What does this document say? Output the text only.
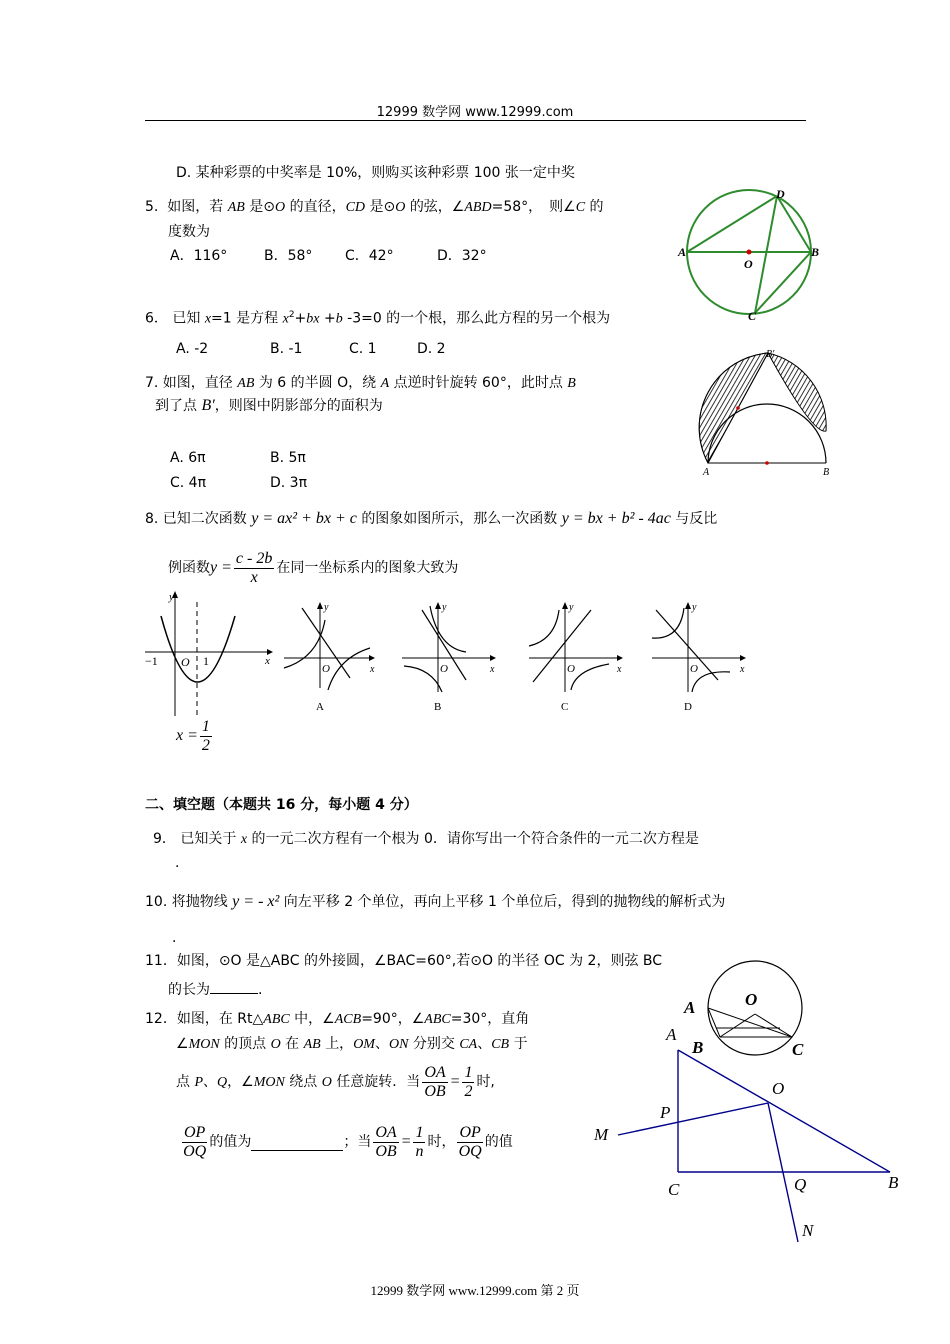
12999 数学网 www.12999.com
D. 某种彩票的中奖率是 10%，则购买该种彩票 100 张一定中奖
5. 如图，若 AB 是⊙O 的直径，CD 是⊙O 的弦，∠ABD=58°，　则∠C 的
度数为
A．116°	B．58° C．42°	D．32°	A	B
D
O
C
6． 已知 x=1 是方程 $x^2+bx +b$ -3=0 的一个根，那么此方程的另一个根为
A. -2	B. -1	C. 1	D. 2
7. 如图，直径 AB 为 6 的半圆 O，绕 A 点逆时针旋转 60°，此时点 B
到了点 B′，则图中阴影部分的面积为
A. 6π	B. 5π
C. 4π	D. 3π
A	B
B′
8. 已知二次函数 y = ax² + bx + c 的图象如图所示，那么一次函数 y = bx + b² - 4ac 与反比
例函数$y = \frac{c - 2b}{x}$ 在同一坐标系内的图象大致为
y
x
−1 O 1
$x = \frac{1}{2}$
y
x
O
A
y
x
O
B
y
x
O
C
y
x
O
D
二、填空题（本题共 16 分，每小题 4 分）
9． 已知关于 x 的一元二次方程有一个根为 0．请你写出一个符合条件的一元二次方程是
.
10. 将抛物线 y = - x² 向左平移 2 个单位，再向上平移 1 个单位后，得到的抛物线的解析式为
.
11．如图，⊙O 是△ABC 的外接圆，∠BAC=60°,若⊙O 的半径 OC 为 2，则弦 BC
的长为	.
A	O
B	C
12．如图，在 Rt△ABC 中，∠ACB=90°，∠ABC=30°，直角
∠MON 的顶点 O 在 AB 上，OM、ON 分别交 CA、CB 于
点 P、Q，∠MON 绕点 O 任意旋转．当 $\frac{OA}{OB} = \frac{1}{2}$ 时,
$\frac{OP}{OQ}$ 的值为	；当 $\frac{OA}{OB} = \frac{1}{n}$ 时， $\frac{OP}{OQ}$ 的值
A
O
P
M
C	Q	B
N
12999 数学网 www.12999.com 第 2 页
